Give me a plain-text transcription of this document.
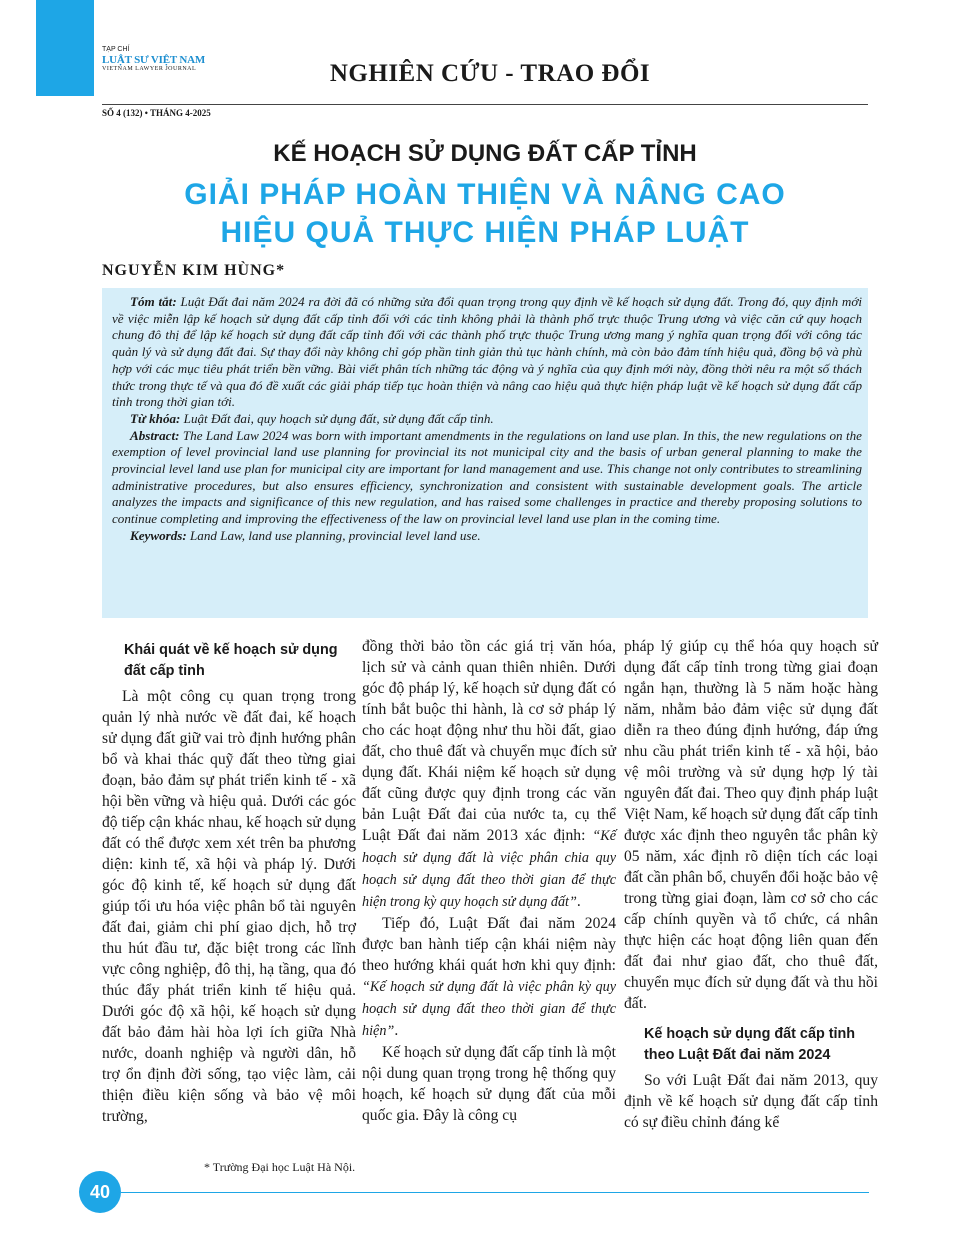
TẠP CHÍ
LUẬT SƯ VIỆT NAM
VIETNAM LAWYER JOURNAL	NGHIÊN CỨU - TRAO ĐỔI
SỐ 4 (132) • THÁNG 4-2025
KẾ HOẠCH SỬ DỤNG ĐẤT CẤP TỈNH
GIẢI PHÁP HOÀN THIỆN VÀ NÂNG CAO
HIỆU QUẢ THỰC HIỆN PHÁP LUẬT
NGUYỄN KIM HÙNG*

Tóm tắt: Luật Đất đai năm 2024 ra đời đã có những sửa đổi quan trọng trong quy định về kế hoạch sử dụng đất. Trong đó, quy định mới về việc miễn lập kế hoạch sử dụng đất cấp tỉnh đối với các tỉnh không phải là thành phố trực thuộc Trung ương và việc căn cứ quy hoạch chung đô thị để lập kế hoạch sử dụng đất cấp tỉnh đối với các thành phố trực thuộc Trung ương mang ý nghĩa quan trọng đối với công tác quản lý và sử dụng đất đai. Sự thay đổi này không chỉ góp phần tinh giản thủ tục hành chính, mà còn bảo đảm tính hiệu quả, đồng bộ và phù hợp với các mục tiêu phát triển bền vững. Bài viết phân tích những tác động và ý nghĩa của quy định mới này, đồng thời nêu ra một số thách thức trong thực tế và qua đó đề xuất các giải pháp tiếp tục hoàn thiện và nâng cao hiệu quả thực hiện pháp luật về kế hoạch sử dụng đất cấp tỉnh trong thời gian tới.

Từ khóa: Luật Đất đai, quy hoạch sử dụng đất, sử dụng đất cấp tỉnh.

Abstract: The Land Law 2024 was born with important amendments in the regulations on land use plan. In this, the new regulations on the exemption of level provincial land use planning for provincial its not municipal city and the basis of urban general planning to make the provincial level land use plan for municipal city are important for land management and use. This change not only contributes to streamlining administrative procedures, but also ensures efficiency, synchronization and consistent with sustainable development goals. The article analyzes the impacts and significance of this new regulation, and has raised some challenges in practice and thereby proposing solutions to continue completing and improving the effectiveness of the law on provincial level land use plan in the coming time.

Keywords: Land Law, land use planning, provincial level land use.

Khái quát về kế hoạch sử dụng đất cấp tỉnh

Là một công cụ quan trọng trong quản lý nhà nước về đất đai, kế hoạch sử dụng đất giữ vai trò định hướng phân bổ và khai thác quỹ đất theo từng giai đoạn, bảo đảm sự phát triển kinh tế - xã hội bền vững và hiệu quả. Dưới các góc độ tiếp cận khác nhau, kế hoạch sử dụng đất có thể được xem xét trên ba phương diện: kinh tế, xã hội và pháp lý. Dưới góc độ kinh tế, kế hoạch sử dụng đất giúp tối ưu hóa việc phân bổ tài nguyên đất đai, giảm chi phí giao dịch, hỗ trợ thu hút đầu tư, đặc biệt trong các lĩnh vực công nghiệp, đô thị, hạ tầng, qua đó thúc đẩy phát triển kinh tế hiệu quả. Dưới góc độ xã hội, kế hoạch sử dụng đất bảo đảm hài hòa lợi ích giữa Nhà nước, doanh nghiệp và người dân, hỗ trợ ổn định đời sống, tạo việc làm, cải thiện điều kiện sống và bảo vệ môi trường,

đồng thời bảo tồn các giá trị văn hóa, lịch sử và cảnh quan thiên nhiên. Dưới góc độ pháp lý, kế hoạch sử dụng đất có tính bắt buộc thi hành, là cơ sở pháp lý cho các hoạt động như thu hồi đất, giao đất, cho thuê đất và chuyển mục đích sử dụng đất. Khái niệm kế hoạch sử dụng đất cũng được quy định trong các văn bản Luật Đất đai của nước ta, cụ thể Luật Đất đai năm 2013 xác định: “Kế hoạch sử dụng đất là việc phân chia quy hoạch sử dụng đất theo thời gian để thực hiện trong kỳ quy hoạch sử dụng đất”.

Tiếp đó, Luật Đất đai năm 2024 được ban hành tiếp cận khái niệm này theo hướng khái quát hơn khi quy định: “Kế hoạch sử dụng đất là việc phân kỳ quy hoạch sử dụng đất theo thời gian để thực hiện”.

Kế hoạch sử dụng đất cấp tỉnh là một nội dung quan trọng trong hệ thống quy hoạch, kế hoạch sử dụng đất của mỗi quốc gia. Đây là công cụ

pháp lý giúp cụ thể hóa quy hoạch sử dụng đất cấp tỉnh trong từng giai đoạn ngắn hạn, thường là 5 năm hoặc hàng năm, nhằm bảo đảm việc sử dụng đất diễn ra theo đúng định hướng, đáp ứng nhu cầu phát triển kinh tế - xã hội, bảo vệ môi trường và sử dụng hợp lý tài nguyên đất đai. Theo quy định pháp luật Việt Nam, kế hoạch sử dụng đất cấp tỉnh được xác định theo nguyên tắc phân kỳ 05 năm, xác định rõ diện tích các loại đất cần phân bổ, chuyển đổi hoặc bảo vệ trong từng giai đoạn, làm cơ sở cho các cấp chính quyền và tổ chức, cá nhân thực hiện các hoạt động liên quan đến đất đai như giao đất, cho thuê đất, chuyển mục đích sử dụng đất và thu hồi đất.

Kế hoạch sử dụng đất cấp tỉnh theo Luật Đất đai năm 2024

So với Luật Đất đai năm 2013, quy định về kế hoạch sử dụng đất cấp tỉnh có sự điều chỉnh đáng kể

* Trường Đại học Luật Hà Nội.
40
